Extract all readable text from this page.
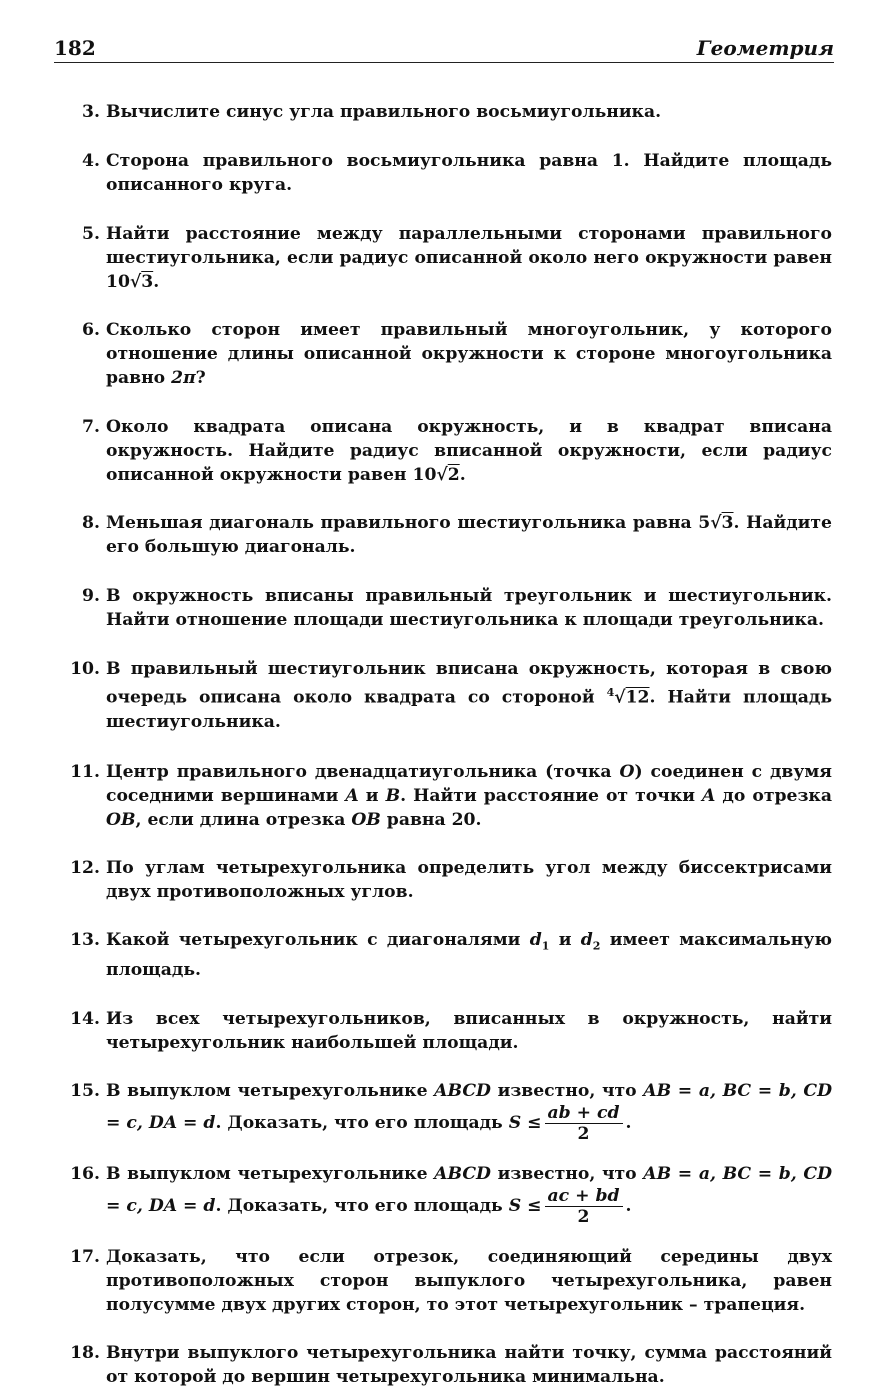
182	Геометрия
3. Вычислите синус угла правильного восьмиугольника.
4. Сторона правильного восьмиугольника равна 1. Найдите площадь описанного круга.
5. Найти расстояние между параллельными сторонами правильного шестиугольника, если радиус описанной около него окружности равен 10√3.
6. Сколько сторон имеет правильный многоугольник, у которого отношение длины описанной окружности к стороне многоугольника равно 2π?
7. Около квадрата описана окружность, и в квадрат вписана окружность. Найдите радиус вписанной окружности, если радиус описанной окружности равен 10√2.
8. Меньшая диагональ правильного шестиугольника равна 5√3. Найдите его большую диагональ.
9. В окружность вписаны правильный треугольник и шестиугольник. Найти отношение площади шестиугольника к площади треугольника.
10. В правильный шестиугольник вписана окружность, которая в свою очередь описана около квадрата со стороной $^4$√12. Найти площадь шестиугольника.
11. Центр правильного двенадцатиугольника (точка O) соединен с двумя соседними вершинами A и B. Найти расстояние от точки A до отрезка OB, если длина отрезка OB равна 20.
12. По углам четырехугольника определить угол между биссектрисами двух противоположных углов.
13. Какой четырехугольник с диагоналями $d_1$ и $d_2$ имеет максимальную площадь.
14. Из всех четырехугольников, вписанных в окружность, найти четырехугольник наибольшей площади.
15. В выпуклом четырехугольнике ABCD известно, что AB = a, BC = b, CD = c, DA = d. Доказать, что его площадь $S \le \frac{ab + cd}{2}$ .
16. В выпуклом четырехугольнике ABCD известно, что AB = a, BC = b, CD = c, DA = d. Доказать, что его площадь $S \le \frac{ac + bd}{2}$ .
17. Доказать, что если отрезок, соединяющий середины двух противоположных сторон выпуклого четырехугольника, равен полусумме двух других сторон, то этот четырехугольник – трапеция.
18. Внутри выпуклого четырехугольника найти точку, сумма расстояний от которой до вершин четырехугольника минимальна.
